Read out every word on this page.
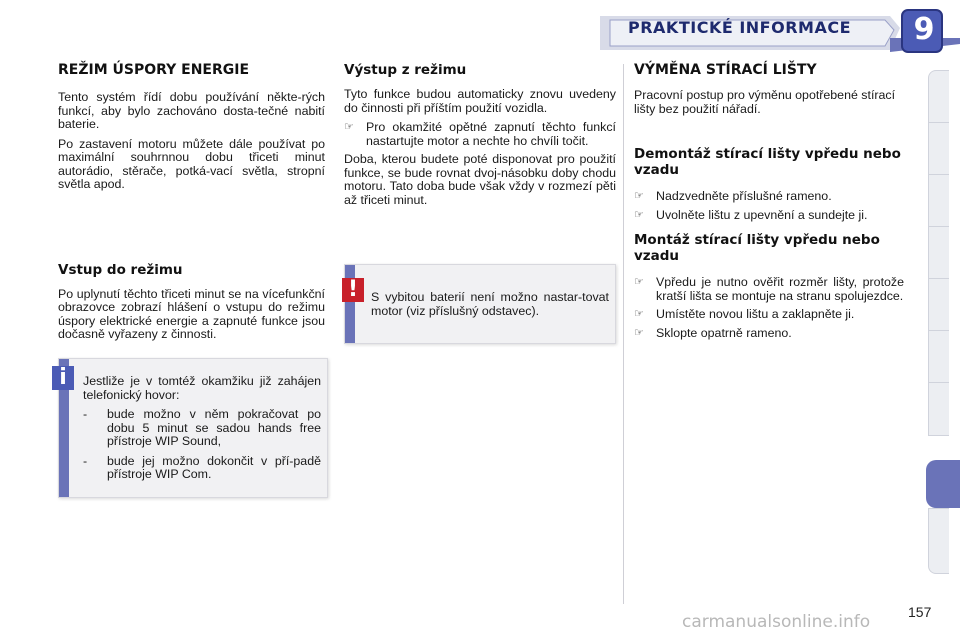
PRAKTICKÉ INFORMACE	9
REŽIM ÚSPORY ENERGIE

Tento systém řídí dobu používání někte-rých funkcí, aby bylo zachováno dosta-tečné nabití baterie.

Po zastavení motoru můžete dále používat po maximální souhrnnou dobu třiceti minut autorádio, stěrače, potká-vací světla, stropní světla apod.

Vstup do režimu

Po uplynutí těchto třiceti minut se na vícefunkční obrazovce zobrazí hlášení o vstupu do režimu úspory elektrické energie a zapnuté funkce jsou dočasně vyřazeny z činnosti.

Jestliže je v tomtéž okamžiku již zahájen telefonický hovor:

-	bude možno v něm pokračovat po dobu 5 minut se sadou hands free přístroje WIP Sound,
-	bude jej možno dokončit v pří-padě přístroje WIP Com.
i
Výstup z režimu

Tyto funkce budou automaticky znovu uvedeny do činnosti při příštím použití vozidla.

☞ Pro okamžité opětné zapnutí těchto funkcí nastartujte motor a nechte ho chvíli točit.

Doba, kterou budete poté disponovat pro použití funkce, se bude rovnat dvoj-násobku doby chodu motoru. Tato doba bude však vždy v rozmezí pěti až třiceti minut.

S vybitou baterií není možno nastar-tovat motor (viz příslušný odstavec).

!
VÝMĚNA STÍRACÍ LIŠTY

Pracovní postup pro výměnu opotřebené stírací lišty bez použití nářadí.

Demontáž stírací lišty vpředu nebo vzadu
☞ Nadzvedněte příslušné rameno.
☞ Uvolněte lištu z upevnění a sundejte ji.
Montáž stírací lišty vpředu nebo vzadu
☞ Vpředu je nutno ověřit rozměr lišty, protože kratší lišta se montuje na stranu spolujezdce.
☞ Umístěte novou lištu a zaklapněte ji.
☞ Sklopte opatrně rameno.
157
carmanualsonline.info
